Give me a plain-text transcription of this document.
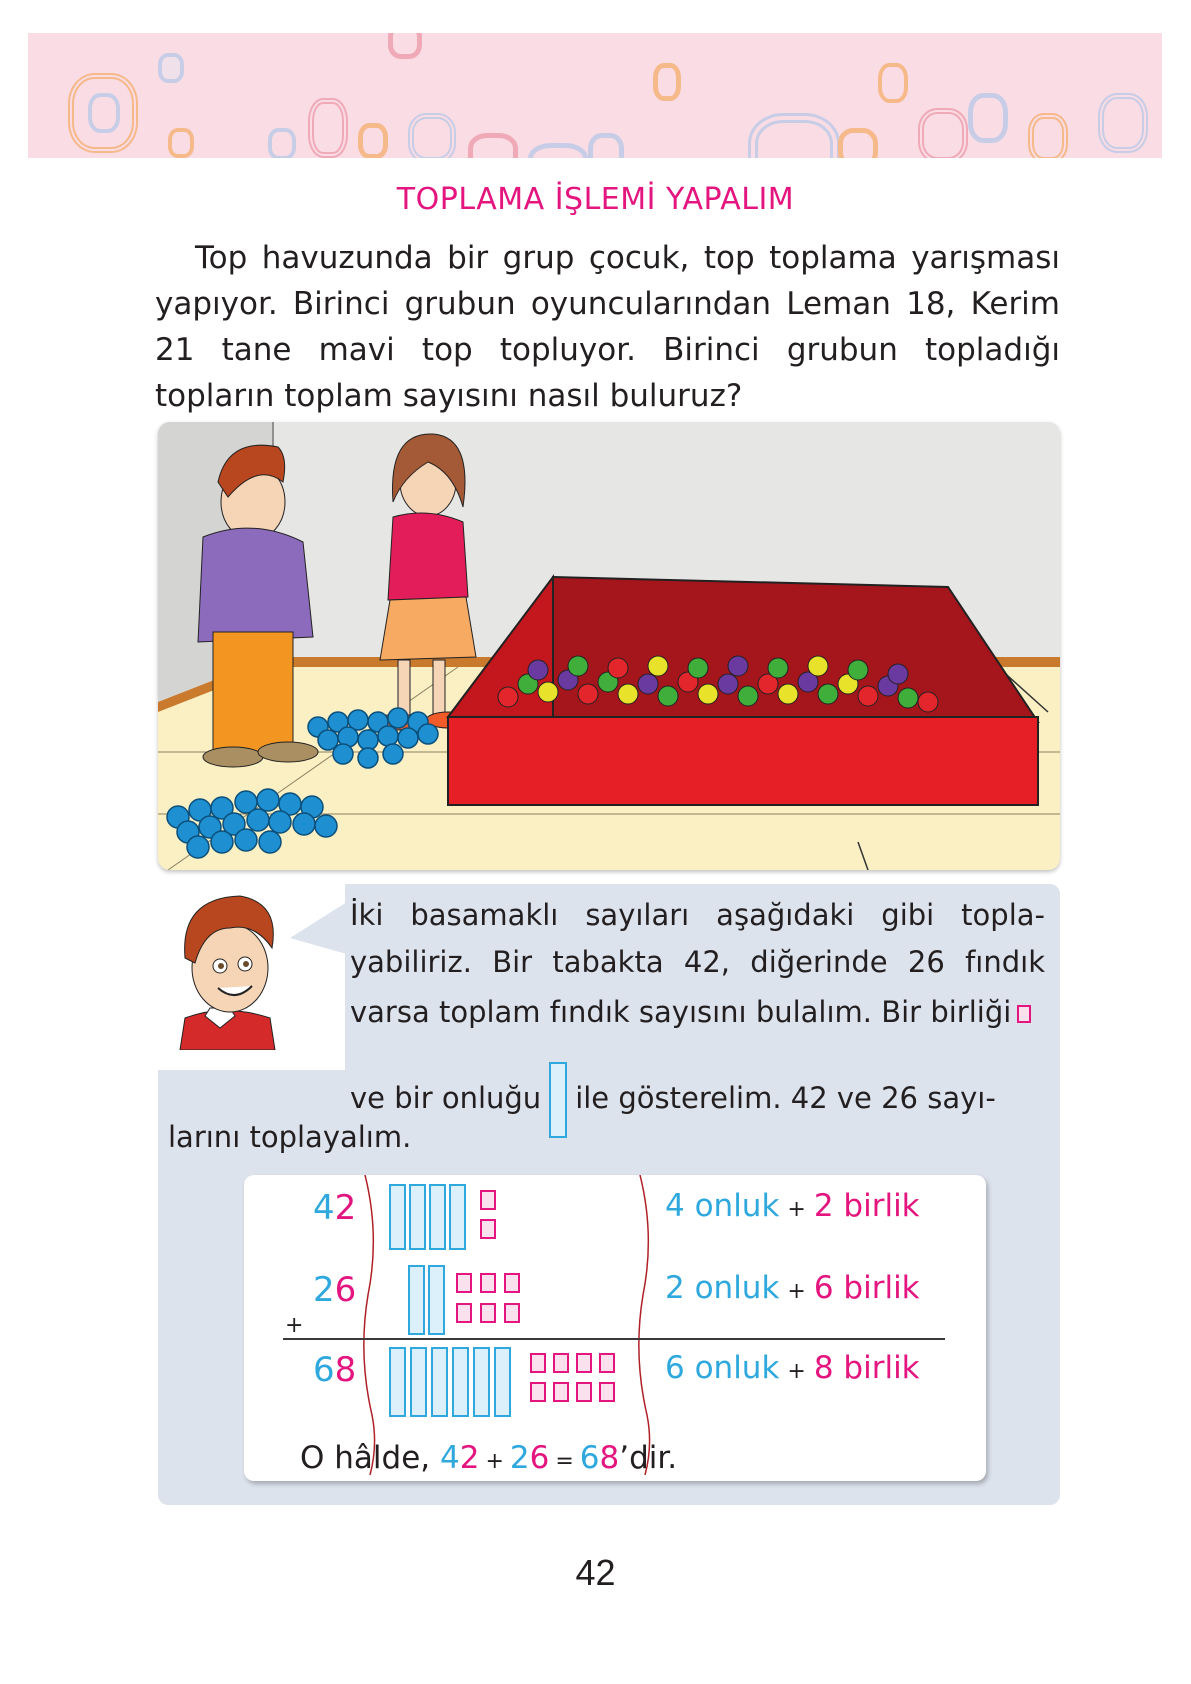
TOPLAMA İŞLEMİ YAPALIM
Top havuzunda bir grup çocuk, top toplama yarışması yapıyor. Birinci grubun oyuncularından Leman 18, Kerim 21 tane mavi top topluyor. Birinci grubun topladığı topların toplam sayısını nasıl buluruz?
İki basamaklı sayıları aşağıdaki gibi topla-
yabiliriz. Bir tabakta 42, diğerinde 26 fındık
varsa toplam fındık sayısını bulalım. Bir birliği
ve bir onluğu ile gösterelim. 42 ve 26 sayı-
larını toplayalım.
42	4 onluk + 2 birlik
26	2 onluk + 6 birlik
+
68	6 onluk + 8 birlik
O hâlde, 42 + 26 = 68’dir.
42
